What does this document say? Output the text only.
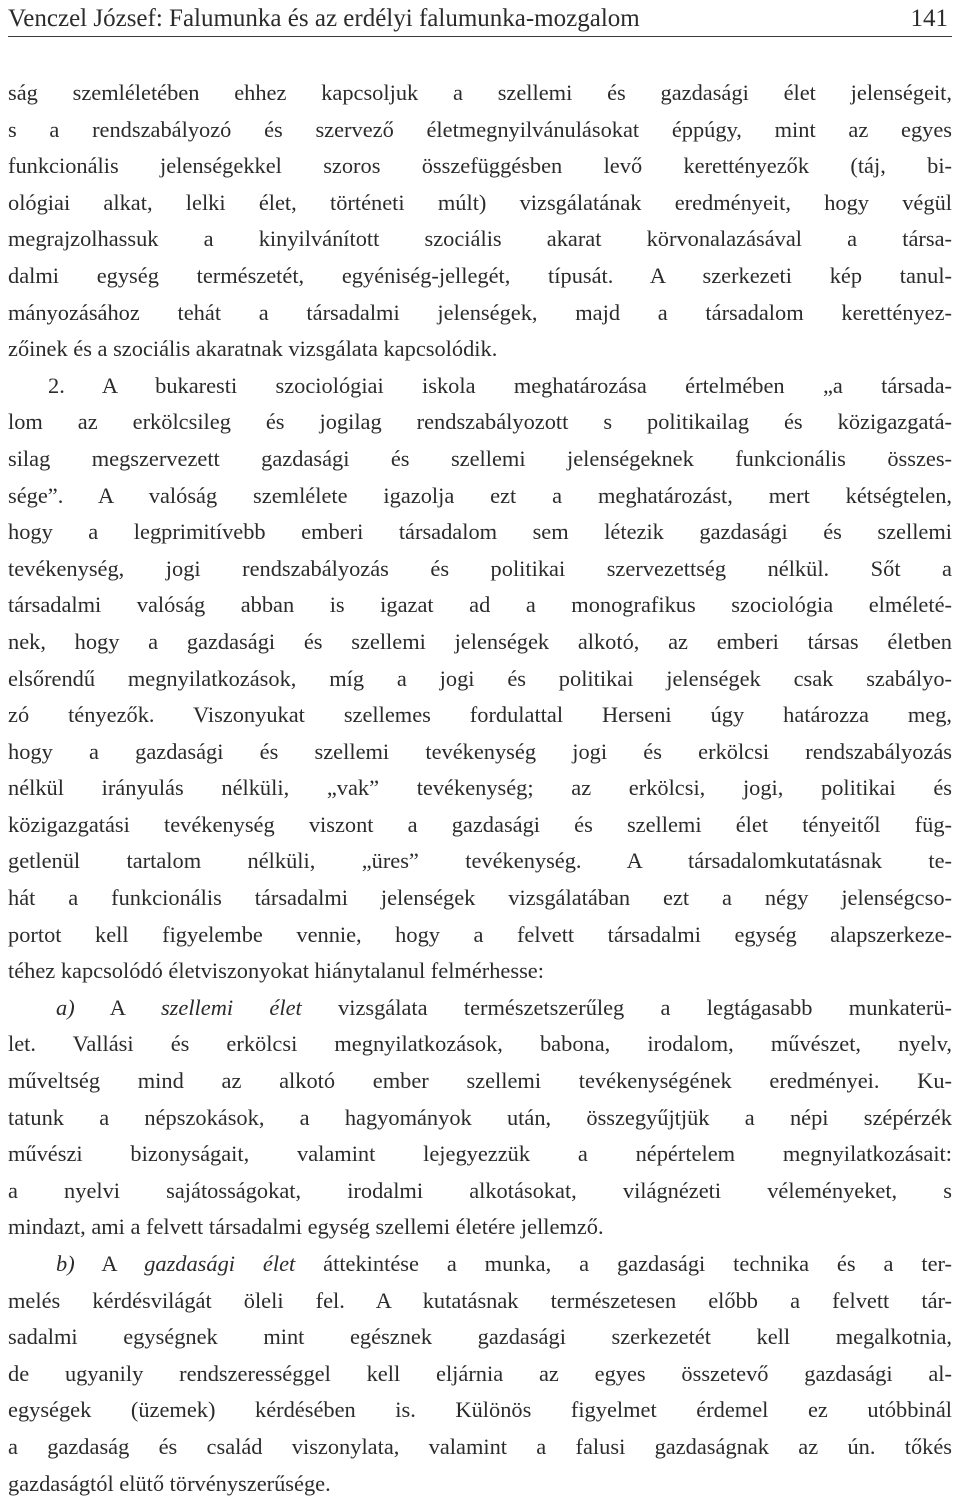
Venczel József: Falumunka és az erdélyi falumunka-mozgalom	141
ság szemléletében ehhez kapcsoljuk a szellemi és gazdasági élet jelenségeit,
s a rendszabályozó és szervező életmegnyilvánulásokat éppúgy, mint az egyes
funkcionális jelenségekkel szoros összefüggésben levő kerettényezők (táj, bi-
ológiai alkat, lelki élet, történeti múlt) vizsgálatának eredményeit, hogy végül
megrajzolhassuk a kinyilvánított szociális akarat körvonalazásával a társa-
dalmi egység természetét, egyéniség-jellegét, típusát. A szerkezeti kép tanul-
mányozásához tehát a társadalmi jelenségek, majd a társadalom kerettényez-
zőinek és a szociális akaratnak vizsgálata kapcsolódik.
2. A bukaresti szociológiai iskola meghatározása értelmében „a társada-
lom az erkölcsileg és jogilag rendszabályozott s politikailag és közigazgatá-
silag megszervezett gazdasági és szellemi jelenségeknek funkcionális összes-
sége”. A valóság szemlélete igazolja ezt a meghatározást, mert kétségtelen,
hogy a legprimitívebb emberi társadalom sem létezik gazdasági és szellemi
tevékenység, jogi rendszabályozás és politikai szervezettség nélkül. Sőt a
társadalmi valóság abban is igazat ad a monografikus szociológia elméleté-
nek, hogy a gazdasági és szellemi jelenségek alkotó, az emberi társas életben
elsőrendű megnyilatkozások, míg a jogi és politikai jelenségek csak szabályo-
zó tényezők. Viszonyukat szellemes fordulattal Herseni úgy határozza meg,
hogy a gazdasági és szellemi tevékenység jogi és erkölcsi rendszabályozás
nélkül irányulás nélküli, „vak” tevékenység; az erkölcsi, jogi, politikai és
közigazgatási tevékenység viszont a gazdasági és szellemi élet tényeitől füg-
getlenül tartalom nélküli, „üres” tevékenység. A társadalomkutatásnak te-
hát a funkcionális társadalmi jelenségek vizsgálatában ezt a négy jelenségcso-
portot kell figyelembe vennie, hogy a felvett társadalmi egység alapszerkeze-
téhez kapcsolódó életviszonyokat hiánytalanul felmérhesse:
a) A szellemi élet vizsgálata természetszerűleg a legtágasabb munkaterü-
let. Vallási és erkölcsi megnyilatkozások, babona, irodalom, művészet, nyelv,
műveltség mind az alkotó ember szellemi tevékenységének eredményei. Ku-
tatunk a népszokások, a hagyományok után, összegyűjtjük a népi szépérzék
művészi bizonyságait, valamint lejegyezzük a népértelem megnyilatkozásait:
a nyelvi sajátosságokat, irodalmi alkotásokat, világnézeti véleményeket, s
mindazt, ami a felvett társadalmi egység szellemi életére jellemző.
b) A gazdasági élet áttekintése a munka, a gazdasági technika és a ter-
melés kérdésvilágát öleli fel. A kutatásnak természetesen előbb a felvett tár-
sadalmi egységnek mint egésznek gazdasági szerkezetét kell megalkotnia,
de ugyanily rendszerességgel kell eljárnia az egyes összetevő gazdasági al-
egységek (üzemek) kérdésében is. Különös figyelmet érdemel ez utóbbinál
a gazdaság és család viszonylata, valamint a falusi gazdaságnak az ún. tőkés
gazdaságtól elütő törvényszerűsége.
